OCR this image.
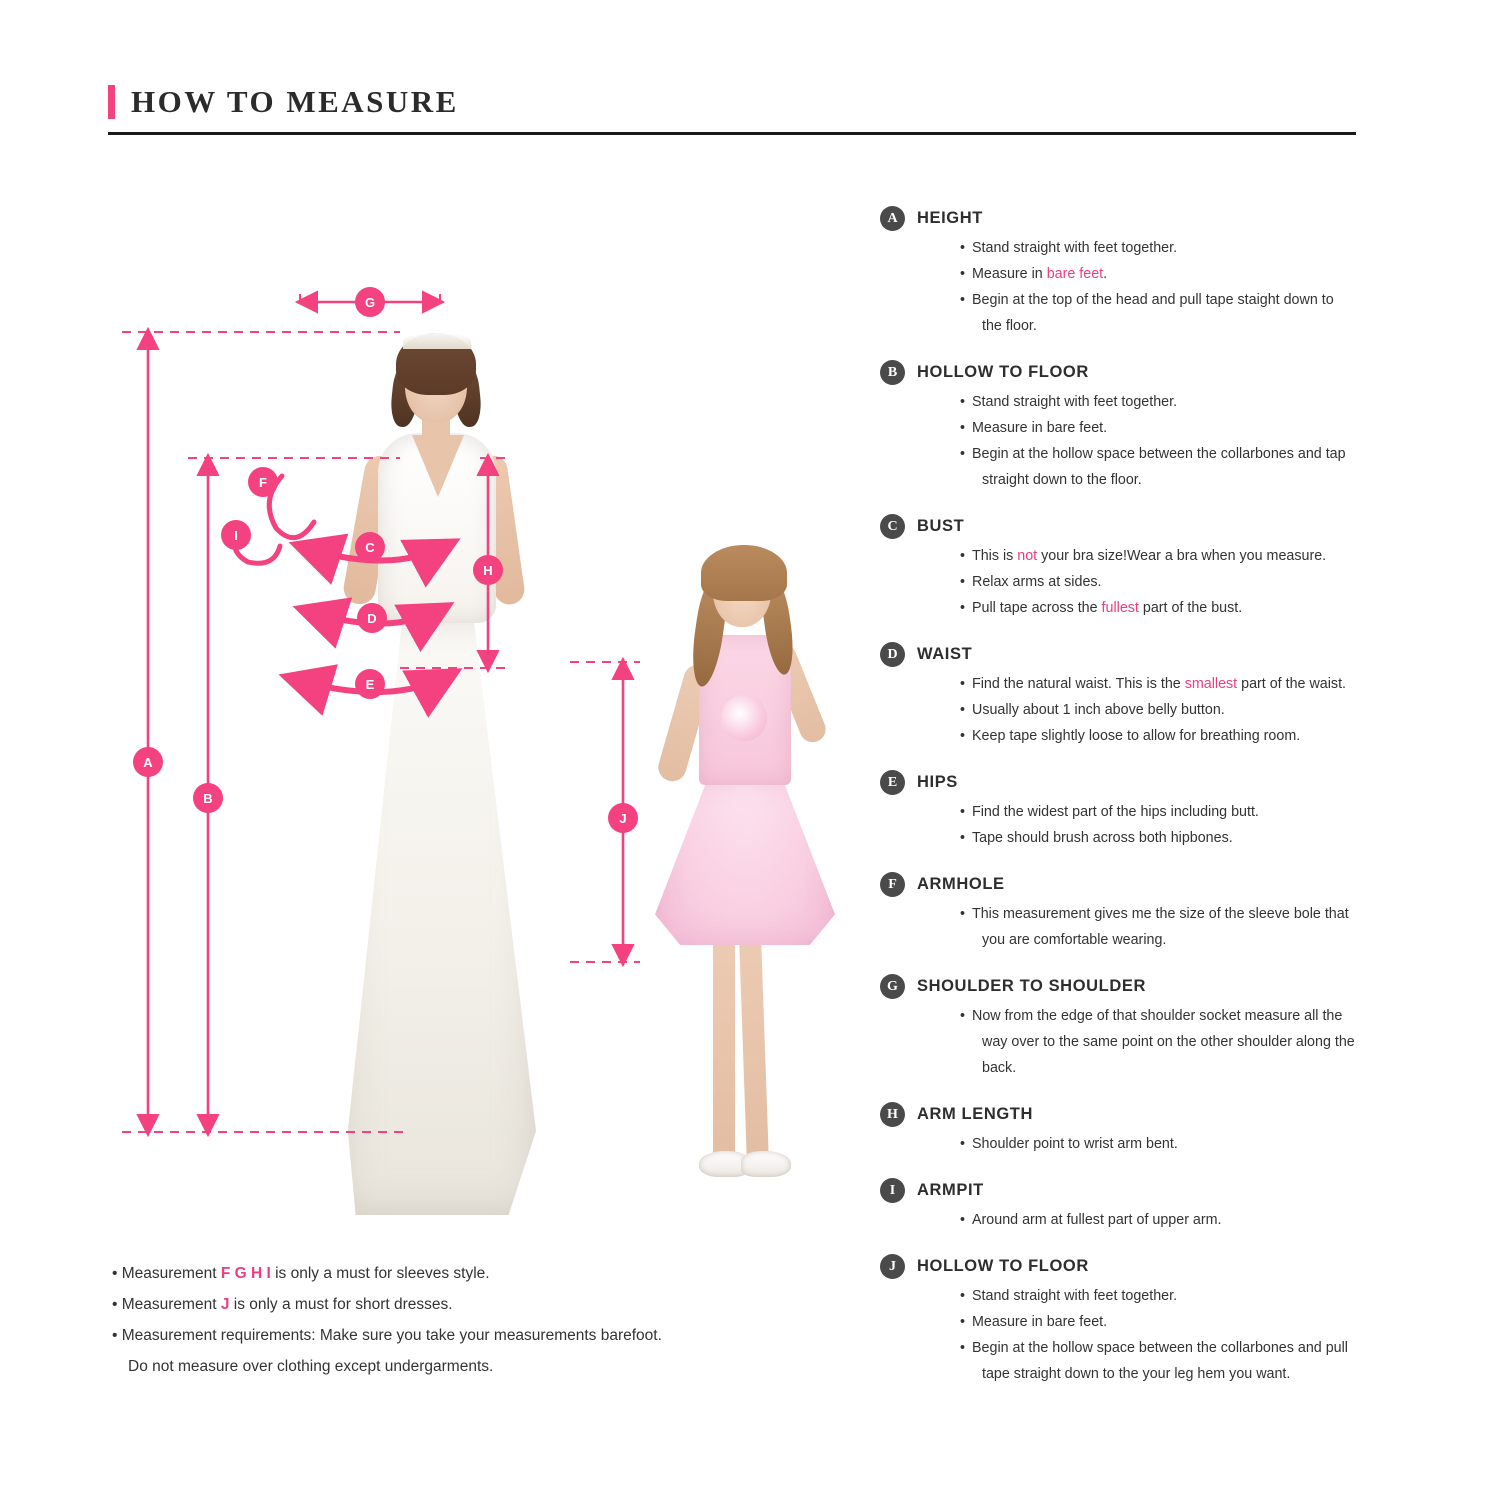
HOW TO MEASURE
A
B
C
D
E
F
G
H
I
J
• Measurement F G H I is only a must for sleeves style.
• Measurement J is only a must for short dresses.
• Measurement requirements: Make sure you take your measurements barefoot.
Do not measure over clothing except undergarments.
A	HEIGHT
• Stand straight with feet together.
• Measure in bare feet.
• Begin at the top of the head and pull tape staight down to
the floor.
B	HOLLOW TO FLOOR
• Stand straight with feet together.
• Measure in bare feet.
• Begin at the hollow space between the collarbones and tap
straight down to the floor.
C	BUST
• This is not your bra size!Wear a bra when you measure.
• Relax arms at sides.
• Pull tape across the fullest part of the bust.
D	WAIST
• Find the natural waist. This is the smallest part of the waist.
• Usually about 1 inch above belly button.
• Keep tape slightly loose to allow for breathing room.
E	HIPS
• Find the widest part of the hips including butt.
• Tape should brush across both hipbones.
F	ARMHOLE
• This measurement gives me the size of the sleeve bole that
you are comfortable wearing.
G	SHOULDER TO SHOULDER
• Now from the edge of that shoulder socket measure all the
way over to the same point on the other shoulder along the
back.
H	ARM LENGTH
• Shoulder point to wrist arm bent.
I	ARMPIT
• Around arm at fullest part of upper arm.
J	HOLLOW TO FLOOR
• Stand straight with feet together.
• Measure in bare feet.
• Begin at the hollow space between the collarbones and pull
tape straight down to the your leg hem you want.
